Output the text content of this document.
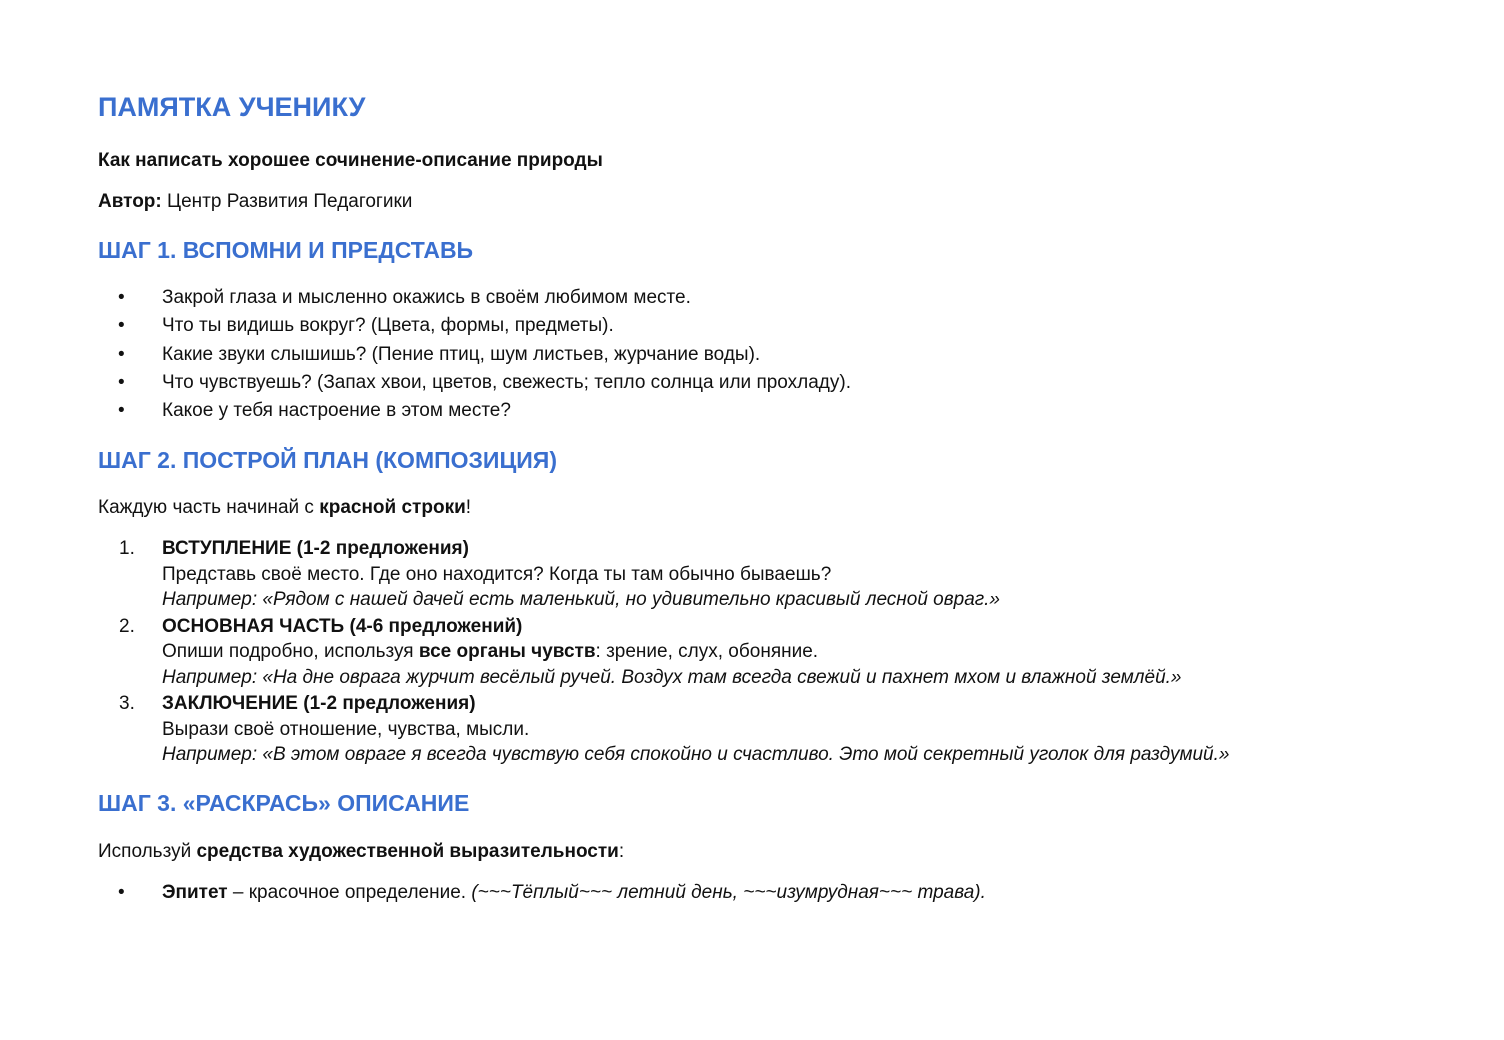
ПАМЯТКА УЧЕНИКУ

Как написать хорошее сочинение-описание природы

Автор: Центр Развития Педагогики

ШАГ 1. ВСПОМНИ И ПРЕДСТАВЬ
• Закрой глаза и мысленно окажись в своём любимом месте.
• Что ты видишь вокруг? (Цвета, формы, предметы).
• Какие звуки слышишь? (Пение птиц, шум листьев, журчание воды).
• Что чувствуешь? (Запах хвои, цветов, свежесть; тепло солнца или прохладу).
• Какое у тебя настроение в этом месте?
ШАГ 2. ПОСТРОЙ ПЛАН (КОМПОЗИЦИЯ)

Каждую часть начинай с красной строки!

1. ВСТУПЛЕНИЕ (1-2 предложения)
Представь своё место. Где оно находится? Когда ты там обычно бываешь?
Например: «Рядом с нашей дачей есть маленький, но удивительно красивый лесной овраг.»
2. ОСНОВНАЯ ЧАСТЬ (4-6 предложений)
Опиши подробно, используя все органы чувств: зрение, слух, обоняние.
Например: «На дне оврага журчит весёлый ручей. Воздух там всегда свежий и пахнет мхом и влажной землёй.»
3. ЗАКЛЮЧЕНИЕ (1-2 предложения)
Вырази своё отношение, чувства, мысли.
Например: «В этом овраге я всегда чувствую себя спокойно и счастливо. Это мой секретный уголок для раздумий.»
ШАГ 3. «РАСКРАСЬ» ОПИСАНИЕ

Используй средства художественной выразительности:

• Эпитет – красочное определение. (~~~Тёплый~~~ летний день, ~~~изумрудная~~~ трава).
